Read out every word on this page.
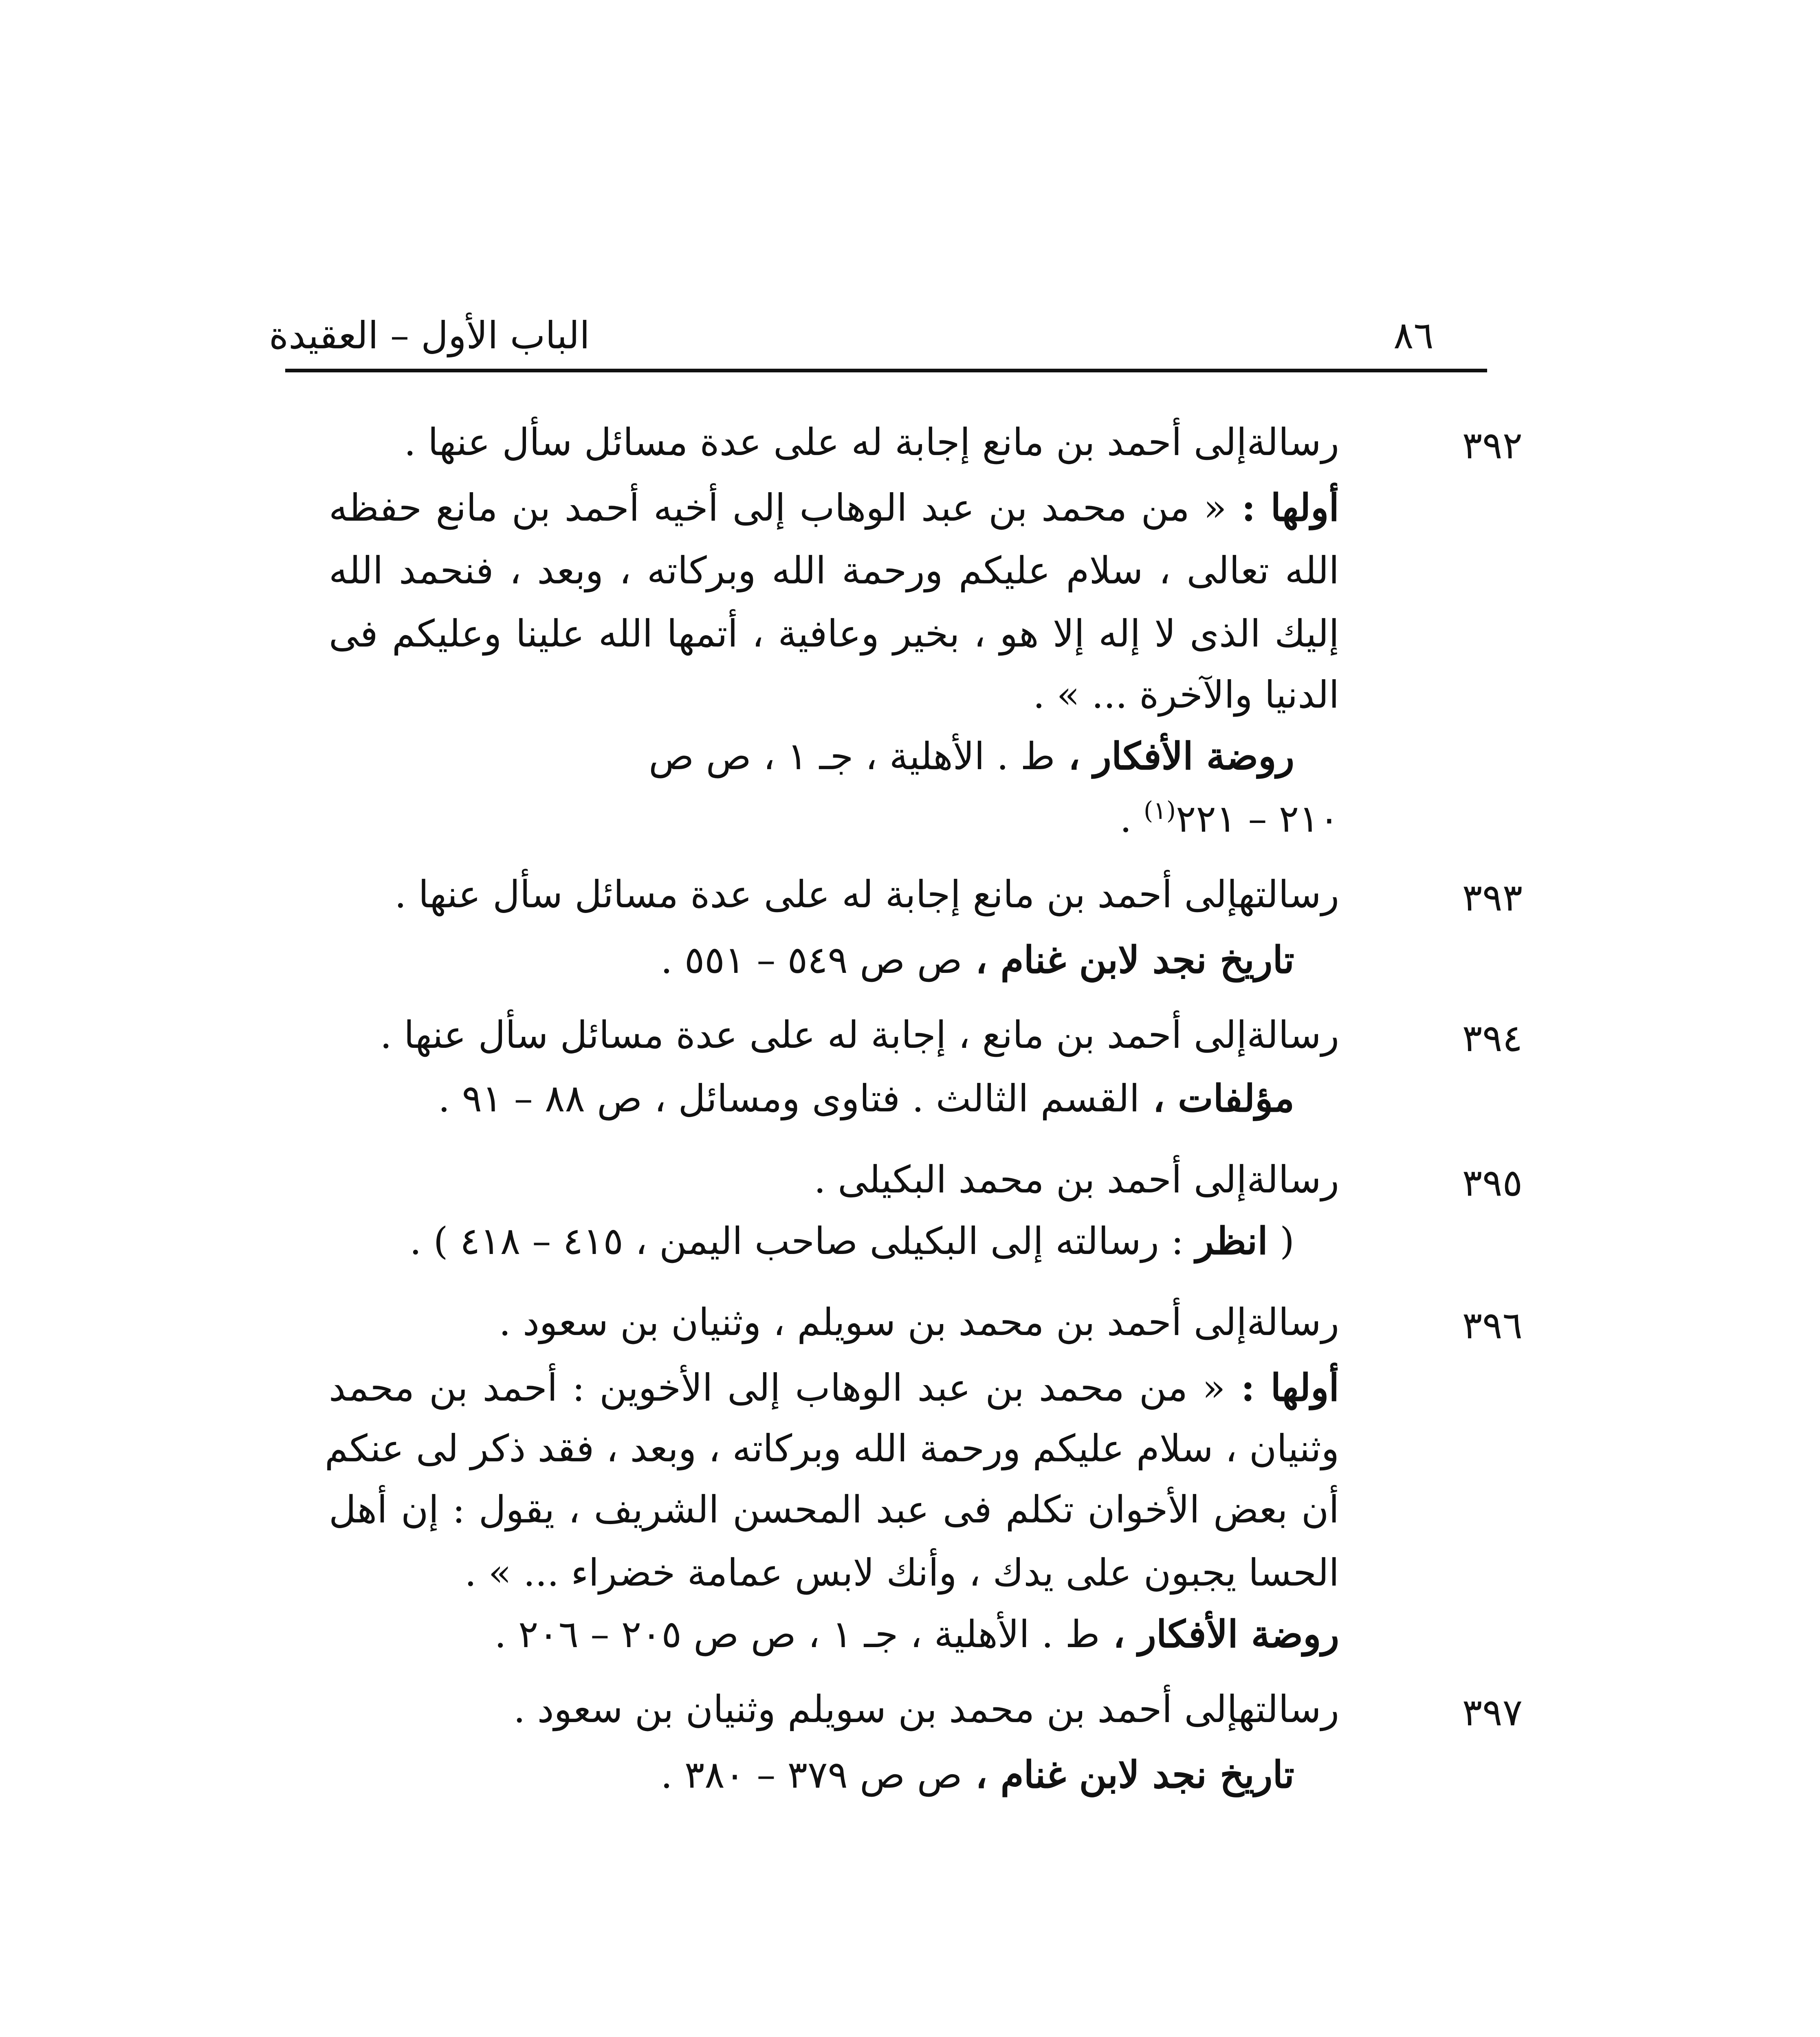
٨٦
الباب الأول – العقيدة
٣٩٢
رسالةإلى أحمد بن مانع إجابة له على عدة مسائل سأل عنها .
أولها : « من محمد بن عبد الوهاب إلى أخيه أحمد بن مانع حفظه
الله تعالى ، سلام عليكم ورحمة الله وبركاته ، وبعد ، فنحمد الله
إليك الذى لا إله إلا هو ، بخير وعافية ، أتمها الله علينا وعليكم فى
الدنيا والآخرة ... » .
روضة الأفكار ، ط . الأهلية ، جـ ١ ، ص ص
٢١٠ – ٢٢١$^{(١)}$ .
٣٩٣
رسالتهإلى أحمد بن مانع إجابة له على عدة مسائل سأل عنها .
تاريخ نجد لابن غنام ، ص ص ٥٤٩ – ٥٥١ .
٣٩٤
رسالةإلى أحمد بن مانع ، إجابة له على عدة مسائل سأل عنها .
مؤلفات ، القسم الثالث . فتاوى ومسائل ، ص ٨٨ – ٩١ .
٣٩٥
رسالةإلى أحمد بن محمد البكيلى .
( انظر : رسالته إلى البكيلى صاحب اليمن ، ٤١٥ – ٤١٨ ) .
٣٩٦
رسالةإلى أحمد بن محمد بن سويلم ، وثنيان بن سعود .
أولها : « من محمد بن عبد الوهاب إلى الأخوين : أحمد بن محمد
وثنيان ، سلام عليكم ورحمة الله وبركاته ، وبعد ، فقد ذكر لى عنكم
أن بعض الأخوان تكلم فى عبد المحسن الشريف ، يقول : إن أهل
الحسا يجبون على يدك ، وأنك لابس عمامة خضراء ... » .
روضة الأفكار ، ط . الأهلية ، جـ ١ ، ص ص ٢٠٥ – ٢٠٦ .
٣٩٧
رسالتهإلى أحمد بن محمد بن سويلم وثنيان بن سعود .
تاريخ نجد لابن غنام ، ص ص ٣٧٩ – ٣٨٠ .
